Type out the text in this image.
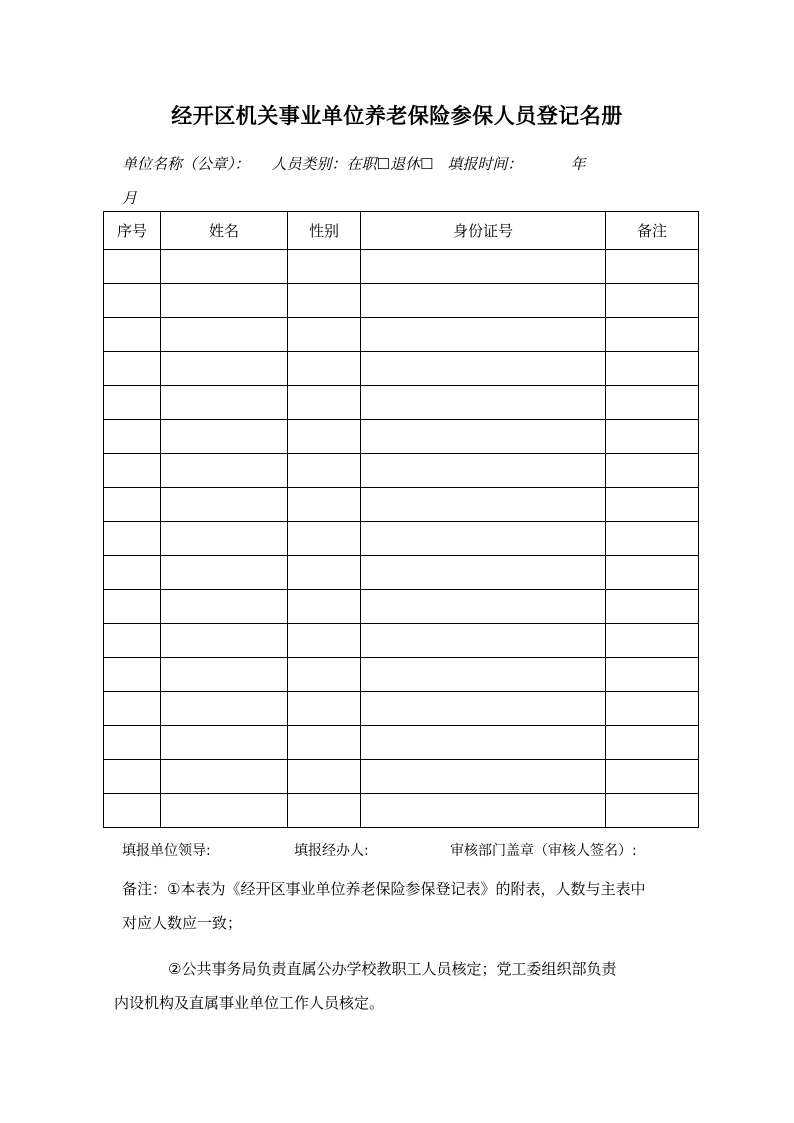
经开区机关事业单位养老保险参保人员登记名册
单位名称（公章）： 人员类别：在职☐退休☐ 填报时间：	年
月
序号	姓名	性别	身份证号	备注

填报单位领导:	填报经办人:	审核部门盖章（审核人签名）:

备注：①本表为《经开区事业单位养老保险参保登记表》的附表，人数与主表中

对应人数应一致；

②公共事务局负责直属公办学校教职工人员核定；党工委组织部负责

内设机构及直属事业单位工作人员核定。
